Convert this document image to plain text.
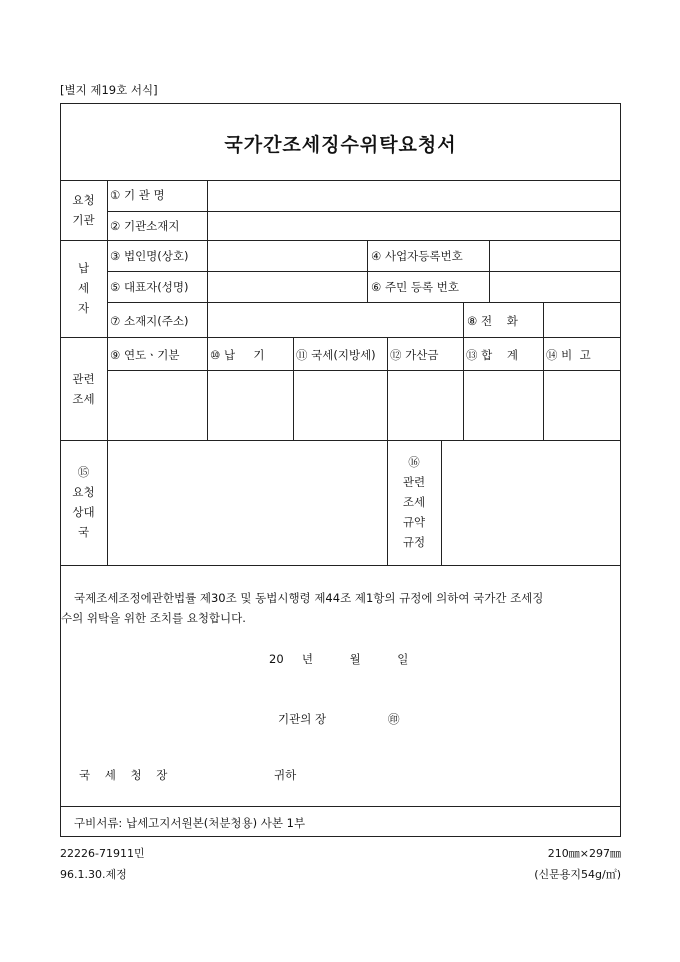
[별지 제19호 서식]
국가간조세징수위탁요청서
요청
기관
① 기 관 명
② 기관소재지
납
세
자
③ 법인명(상호)	④ 사업자등록번호
⑤ 대표자(성명)	⑥ 주민 등록 번호
⑦ 소재지(주소)	⑧ 전    화
관련
조세
⑨ 연도ㆍ기분	⑩ 납     기	⑪ 국세(지방세) ⑫ 가산금 ⑬ 합    계 ⑭ 비  고
⑮
요청
상대
국
⑯
관련
조세
규약
규정
국제조세조정에관한법률 제30조 및 동법시행령 제44조 제1항의 규정에 의하여 국가간 조세징
수의 위탁을 위한 조치를 요청합니다.
20     년          월          일
기관의 장	㊞
국    세    청    장	귀하
구비서류: 납세고지서원본(처분청용) 사본 1부
22226-71911민
96.1.30.제정
210㎜×297㎜
(신문용지54g/㎡)
